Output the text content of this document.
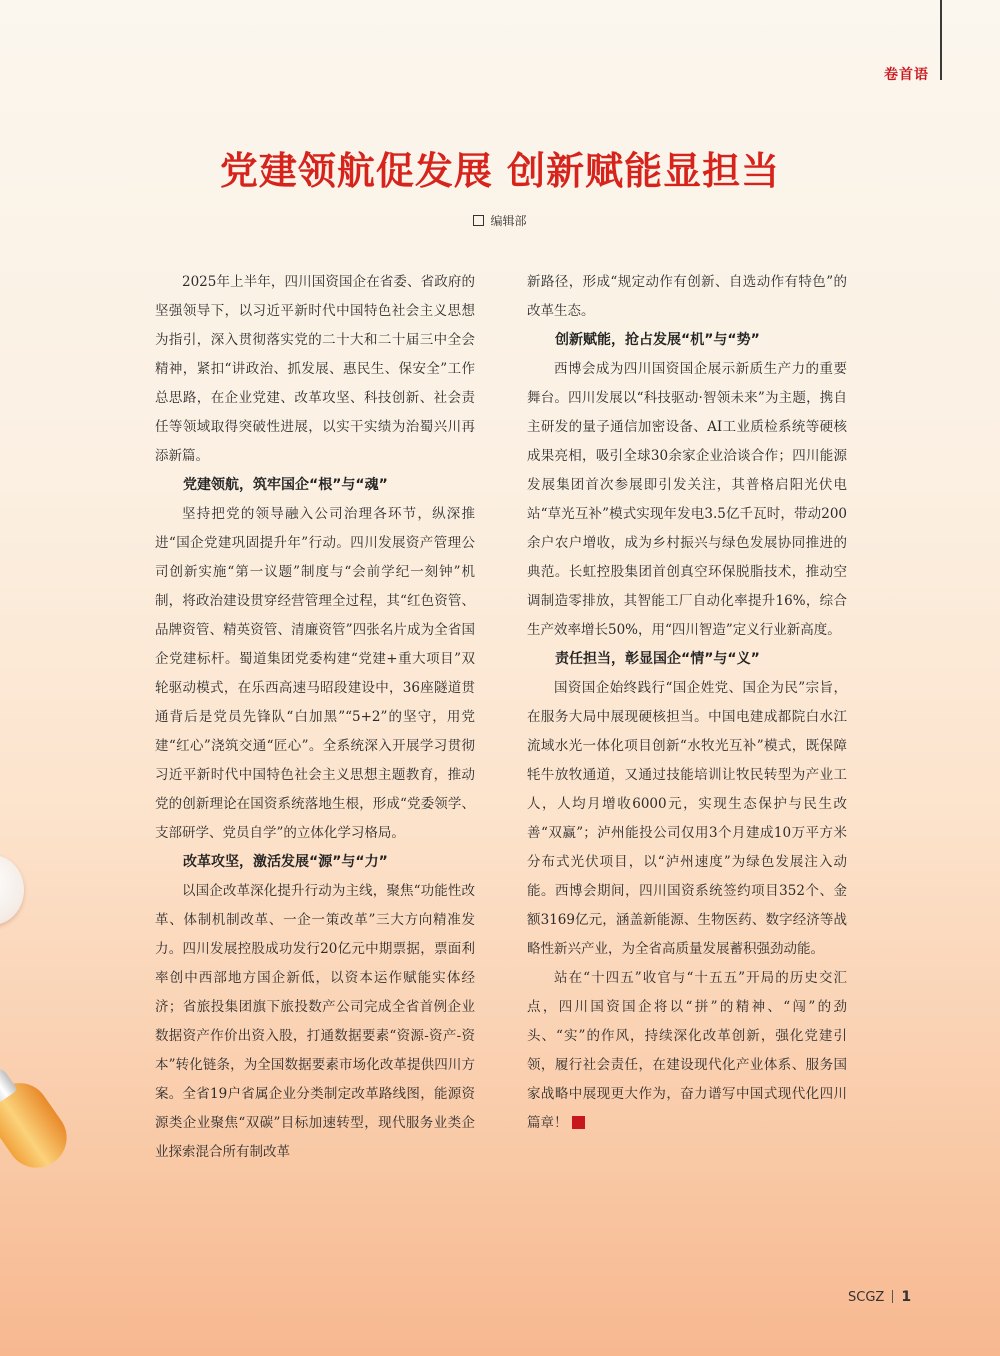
卷首语
党建领航促发展 创新赋能显担当
编辑部

2025年上半年，四川国资国企在省委、省政府的坚强领导下，以习近平新时代中国特色社会主义思想为指引，深入贯彻落实党的二十大和二十届三中全会精神，紧扣“讲政治、抓发展、惠民生、保安全”工作总思路，在企业党建、改革攻坚、科技创新、社会责任等领域取得突破性进展，以实干实绩为治蜀兴川再添新篇。

党建领航，筑牢国企“根”与“魂”

坚持把党的领导融入公司治理各环节，纵深推进“国企党建巩固提升年”行动。四川发展资产管理公司创新实施“第一议题”制度与“会前学纪一刻钟”机制，将政治建设贯穿经营管理全过程，其“红色资管、品牌资管、精英资管、清廉资管”四张名片成为全省国企党建标杆。蜀道集团党委构建“党建+重大项目”双轮驱动模式，在乐西高速马昭段建设中，36座隧道贯通背后是党员先锋队“白加黑”“5+2”的坚守，用党建“红心”浇筑交通“匠心”。全系统深入开展学习贯彻习近平新时代中国特色社会主义思想主题教育，推动党的创新理论在国资系统落地生根，形成“党委领学、支部研学、党员自学”的立体化学习格局。

改革攻坚，激活发展“源”与“力”

以国企改革深化提升行动为主线，聚焦“功能性改革、体制机制改革、一企一策改革”三大方向精准发力。四川发展控股成功发行20亿元中期票据，票面利率创中西部地方国企新低，以资本运作赋能实体经济；省旅投集团旗下旅投数产公司完成全省首例企业数据资产作价出资入股，打通数据要素“资源-资产-资本”转化链条，为全国数据要素市场化改革提供四川方案。全省19户省属企业分类制定改革路线图，能源资源类企业聚焦“双碳”目标加速转型，现代服务业类企业探索混合所有制改革

新路径，形成“规定动作有创新、自选动作有特色”的改革生态。

创新赋能，抢占发展“机”与“势”

西博会成为四川国资国企展示新质生产力的重要舞台。四川发展以“科技驱动·智领未来”为主题，携自主研发的量子通信加密设备、AI工业质检系统等硬核成果亮相，吸引全球30余家企业洽谈合作；四川能源发展集团首次参展即引发关注，其普格启阳光伏电站“草光互补”模式实现年发电3.5亿千瓦时，带动200余户农户增收，成为乡村振兴与绿色发展协同推进的典范。长虹控股集团首创真空环保脱脂技术，推动空调制造零排放，其智能工厂自动化率提升16%，综合生产效率增长50%，用“四川智造”定义行业新高度。

责任担当，彰显国企“情”与“义”

国资国企始终践行“国企姓党、国企为民”宗旨，在服务大局中展现硬核担当。中国电建成都院白水江流域水光一体化项目创新“水牧光互补”模式，既保障牦牛放牧通道，又通过技能培训让牧民转型为产业工人，人均月增收6000元，实现生态保护与民生改善“双赢”；泸州能投公司仅用3个月建成10万平方米分布式光伏项目，以“泸州速度”为绿色发展注入动能。西博会期间，四川国资系统签约项目352个、金额3169亿元，涵盖新能源、生物医药、数字经济等战略性新兴产业，为全省高质量发展蓄积强劲动能。

站在“十四五”收官与“十五五”开局的历史交汇点，四川国资国企将以“拼”的精神、“闯”的劲头、“实”的作风，持续深化改革创新，强化党建引领，履行社会责任，在建设现代化产业体系、服务国家战略中展现更大作为，奋力谱写中国式现代化四川篇章！

SCGZ 1
